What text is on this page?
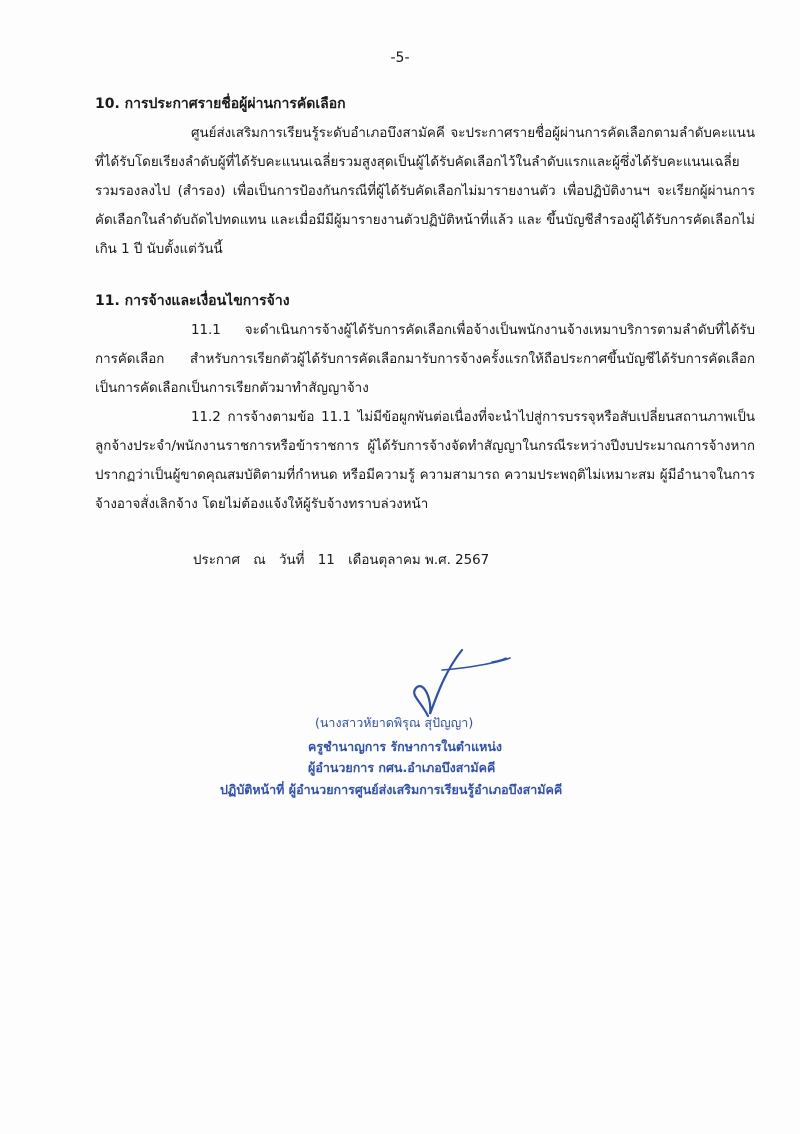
-5-
10. การประกาศรายชื่อผู้ผ่านการคัดเลือก
ศูนย์ส่งเสริมการเรียนรู้ระดับอำเภอบึงสามัคคี จะประกาศรายชื่อผู้ผ่านการคัดเลือกตามลำดับคะแนนที่ได้รับโดยเรียงลำดับผู้ที่ได้รับคะแนนเฉลี่ยรวมสูงสุดเป็นผู้ได้รับคัดเลือกไว้ในลำดับแรกและผู้ซึ่งได้รับคะแนนเฉลี่ยรวมรองลงไป (สำรอง) เพื่อเป็นการป้องกันกรณีที่ผู้ได้รับคัดเลือกไม่มารายงานตัว เพื่อปฏิบัติงานฯ จะเรียกผู้ผ่านการคัดเลือกในลำดับถัดไปทดแทน และเมื่อมีมีผู้มารายงานตัวปฏิบัติหน้าที่แล้ว และ ขึ้นบัญชีสำรองผู้ได้รับการคัดเลือกไม่เกิน 1 ปี นับตั้งแต่วันนี้
11. การจ้างและเงื่อนไขการจ้าง
11.1 จะดำเนินการจ้างผู้ได้รับการคัดเลือกเพื่อจ้างเป็นพนักงานจ้างเหมาบริการตามลำดับที่ได้รับการคัดเลือก สำหรับการเรียกตัวผู้ได้รับการคัดเลือกมารับการจ้างครั้งแรกให้ถือประกาศขึ้นบัญชีได้รับการคัดเลือกเป็นการคัดเลือกเป็นการเรียกตัวมาทำสัญญาจ้าง
11.2 การจ้างตามข้อ 11.1 ไม่มีข้อผูกพันต่อเนื่องที่จะนำไปสู่การบรรจุหรือสับเปลี่ยนสถานภาพเป็นลูกจ้างประจำ/พนักงานราชการหรือข้าราชการ ผู้ได้รับการจ้างจัดทำสัญญาในกรณีระหว่างปีงบประมาณการจ้างหากปรากฏว่าเป็นผู้ขาดคุณสมบัติตามที่กำหนด หรือมีความรู้ ความสามารถ ความประพฤติไม่เหมาะสม ผู้มีอำนาจในการจ้างอาจสั่งเลิกจ้าง โดยไม่ต้องแจ้งให้ผู้รับจ้างทราบล่วงหน้า
ประกาศ ณ วันที่ 11 เดือนตุลาคม พ.ศ. 2567
(นางสาวหัยาดพิรุณ สุปัญญา)
ครูชำนาญการ รักษาการในตำแหน่ง
ผู้อำนวยการ กศน.อำเภอบึงสามัคคี
ปฏิบัติหน้าที่ ผู้อำนวยการศูนย์ส่งเสริมการเรียนรู้อำเภอบึงสามัคคี
